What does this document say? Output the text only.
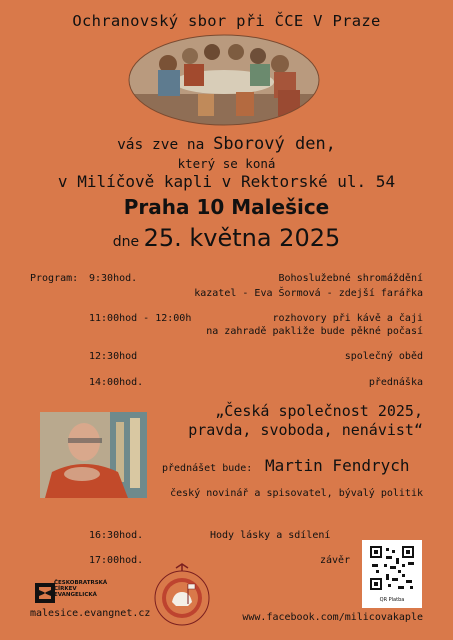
Ochranovský sbor při ČCE V Praze
vás zve na Sborový den,
který se koná
v Milíčově kapli v Rektorské ul. 54
Praha 10 Malešice
dne 25. května 2025
Program: 9:30hod.	Bohoslužebné shromáždění
kazatel - Eva Šormová - zdejší farářka
11:00hod - 12:00h	rozhovory při kávě a čaji
na zahradě pakliže bude pěkné počasí
12:30hod	společný oběd
14:00hod.	přednáška
„Česká společnost 2025,
pravda, svoboda, nenávist“
přednášet bude: Martin Fendrych
český novinář a spisovatel, bývalý politik
16:30hod.	Hody lásky a sdílení
17:00hod.	závěr
ČESKOBRATRSKÁ
CÍRKEV
EVANGELICKÁ
malesice.evangnet.cz
QR Platba
www.facebook.com/milicovakaple
